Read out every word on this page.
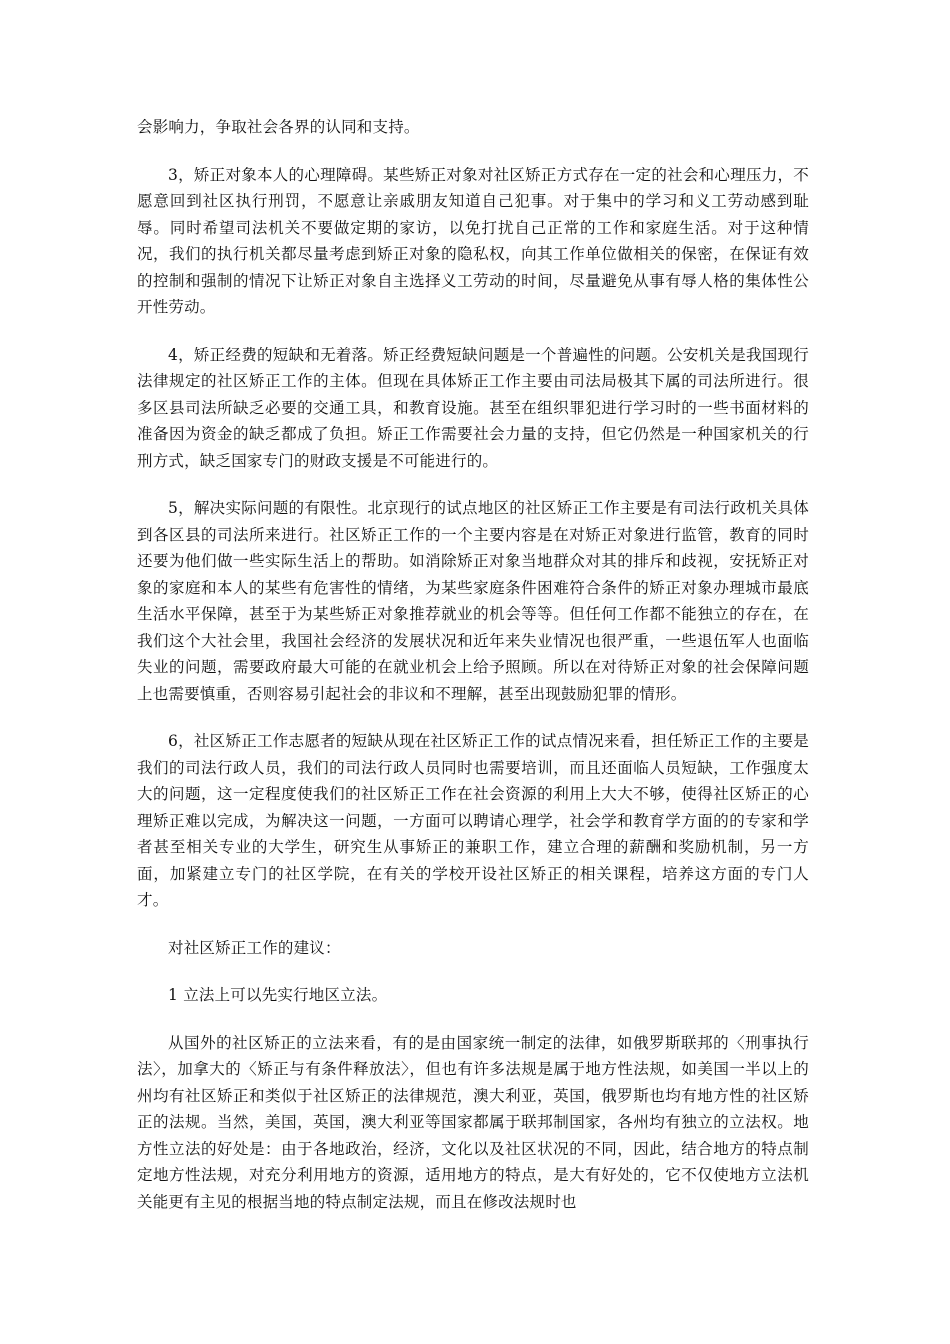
会影响力，争取社会各界的认同和支持。

3，矫正对象本人的心理障碍。某些矫正对象对社区矫正方式存在一定的社会和心理压力，不愿意回到社区执行刑罚，不愿意让亲戚朋友知道自己犯事。对于集中的学习和义工劳动感到耻辱。同时希望司法机关不要做定期的家访，以免打扰自己正常的工作和家庭生活。对于这种情况，我们的执行机关都尽量考虑到矫正对象的隐私权，向其工作单位做相关的保密，在保证有效的控制和强制的情况下让矫正对象自主选择义工劳动的时间，尽量避免从事有辱人格的集体性公开性劳动。

4，矫正经费的短缺和无着落。矫正经费短缺问题是一个普遍性的问题。公安机关是我国现行法律规定的社区矫正工作的主体。但现在具体矫正工作主要由司法局极其下属的司法所进行。很多区县司法所缺乏必要的交通工具，和教育设施。甚至在组织罪犯进行学习时的一些书面材料的准备因为资金的缺乏都成了负担。矫正工作需要社会力量的支持，但它仍然是一种国家机关的行刑方式，缺乏国家专门的财政支援是不可能进行的。

5，解决实际问题的有限性。北京现行的试点地区的社区矫正工作主要是有司法行政机关具体到各区县的司法所来进行。社区矫正工作的一个主要内容是在对矫正对象进行监管，教育的同时还要为他们做一些实际生活上的帮助。如消除矫正对象当地群众对其的排斥和歧视，安抚矫正对象的家庭和本人的某些有危害性的情绪，为某些家庭条件困难符合条件的矫正对象办理城市最底生活水平保障，甚至于为某些矫正对象推荐就业的机会等等。但任何工作都不能独立的存在，在我们这个大社会里，我国社会经济的发展状况和近年来失业情况也很严重，一些退伍军人也面临失业的问题，需要政府最大可能的在就业机会上给予照顾。所以在对待矫正对象的社会保障问题上也需要慎重，否则容易引起社会的非议和不理解，甚至出现鼓励犯罪的情形。

6，社区矫正工作志愿者的短缺从现在社区矫正工作的试点情况来看，担任矫正工作的主要是我们的司法行政人员，我们的司法行政人员同时也需要培训，而且还面临人员短缺，工作强度太大的问题，这一定程度使我们的社区矫正工作在社会资源的利用上大大不够，使得社区矫正的心理矫正难以完成，为解决这一问题，一方面可以聘请心理学，社会学和教育学方面的的专家和学者甚至相关专业的大学生，研究生从事矫正的兼职工作，建立合理的薪酬和奖励机制，另一方面，加紧建立专门的社区学院，在有关的学校开设社区矫正的相关课程，培养这方面的专门人才。

对社区矫正工作的建议：

1 立法上可以先实行地区立法。

从国外的社区矫正的立法来看，有的是由国家统一制定的法律，如俄罗斯联邦的〈刑事执行法〉，加拿大的〈矫正与有条件释放法〉，但也有许多法规是属于地方性法规，如美国一半以上的州均有社区矫正和类似于社区矫正的法律规范，澳大利亚，英国，俄罗斯也均有地方性的社区矫正的法规。当然，美国，英国，澳大利亚等国家都属于联邦制国家，各州均有独立的立法权。地方性立法的好处是：由于各地政治，经济，文化以及社区状况的不同，因此，结合地方的特点制定地方性法规，对充分利用地方的资源，适用地方的特点，是大有好处的，它不仅使地方立法机关能更有主见的根据当地的特点制定法规，而且在修改法规时也
